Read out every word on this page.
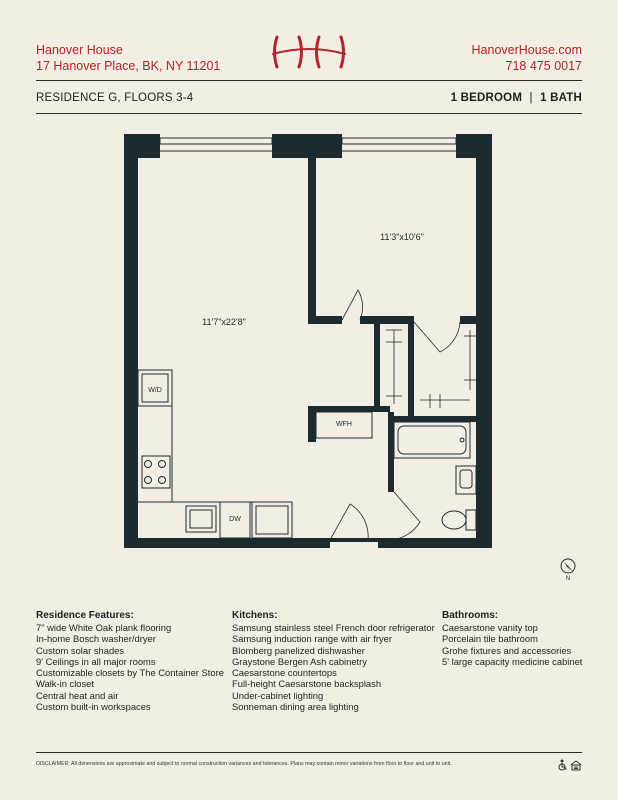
Hanover House
17 Hanover Place, BK, NY 11201
HanoverHouse.com
718 475 0017
RESIDENCE G, FLOORS 3-4	1 BEDROOM | 1 BATH
N
11'3"x10'6"
11'7"x22'8"
W/D
DW
WFH
Residence Features:
7" wide White Oak plank flooring
In-home Bosch washer/dryer
Custom solar shades
9' Ceilings in all major rooms
Customizable closets by The Container Store
Walk-in closet
Central heat and air
Custom built-in workspaces
Kitchens:
Samsung stainless steel French door refrigerator
Samsung induction range with air fryer
Blomberg panelized dishwasher
Graystone Bergen Ash cabinetry
Caesarstone countertops
Full-height Caesarstone backsplash
Under-cabinet lighting
Sonneman dining area lighting
Bathrooms:
Caesarstone vanity top
Porcelain tile bathroom
Grohe fixtures and accessories
5' large capacity medicine cabinet
DISCLAIMER: All dimensions are approximate and subject to normal construction variances and tolerances. Plans may contain minor variations from floor to floor and unit to unit.
